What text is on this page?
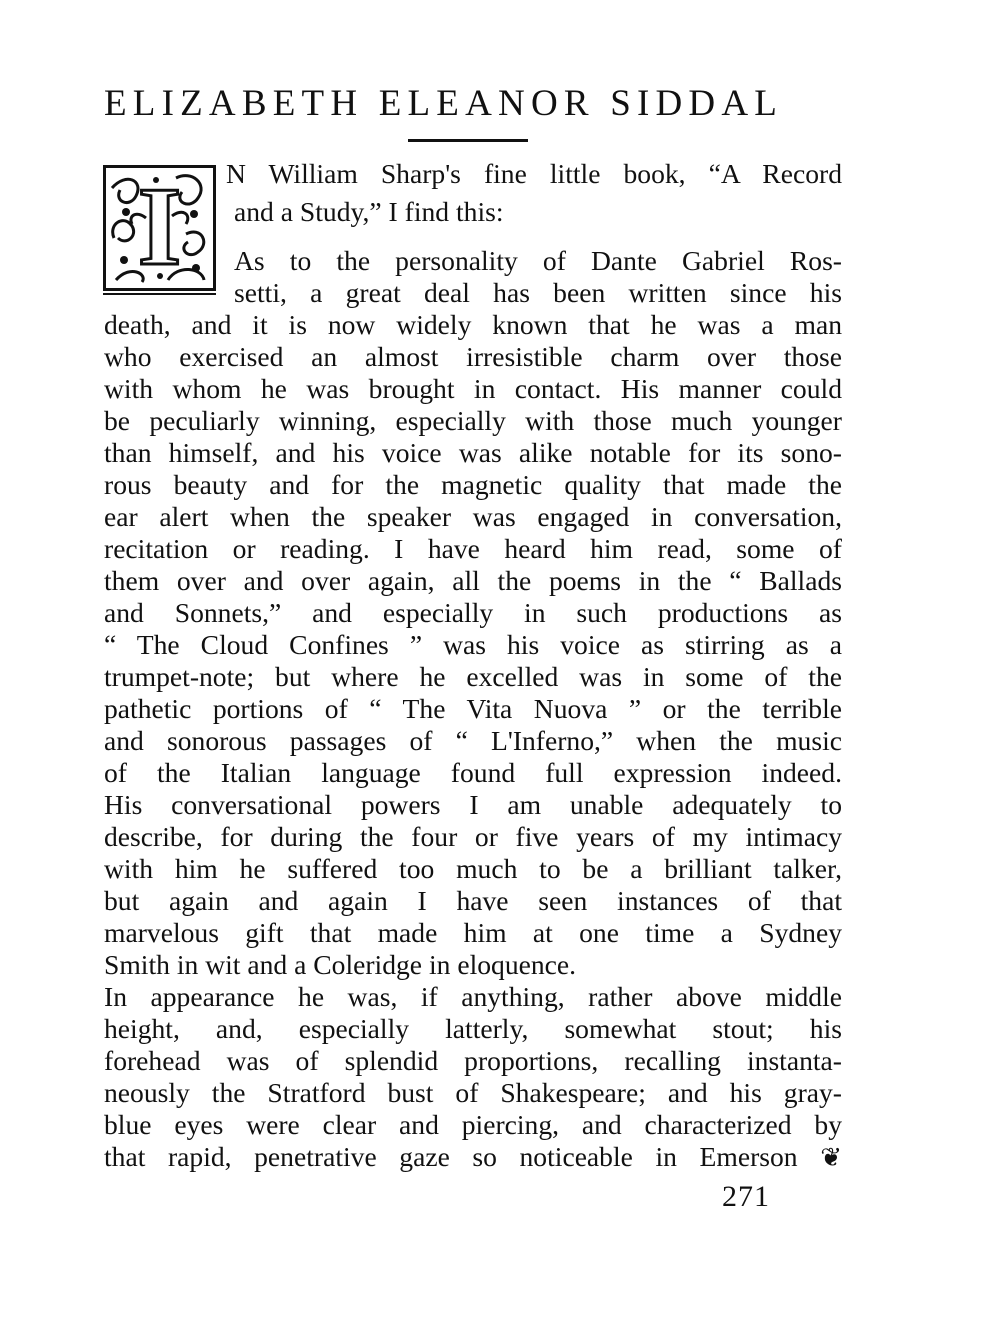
ELIZABETH ELEANOR SIDDAL
I	N William Sharp's fine little book, “A Record
and a Study,” I find this:
As to the personality of Dante Gabriel Ros-
setti, a great deal has been written since his
death, and it is now widely known that he was a man
who exercised an almost irresistible charm over those
with whom he was brought in contact. His manner could
be peculiarly winning, especially with those much younger
than himself, and his voice was alike notable for its sono-
rous beauty and for the magnetic quality that made the
ear alert when the speaker was engaged in conversation,
recitation or reading. I have heard him read, some of
them over and over again, all the poems in the “ Ballads
and Sonnets,” and especially in such productions as
“ The Cloud Confines ” was his voice as stirring as a
trumpet-note; but where he excelled was in some of the
pathetic portions of “ The Vita Nuova ” or the terrible
and sonorous passages of “ L'Inferno,” when the music
of the Italian language found full expression indeed.
His conversational powers I am unable adequately to
describe, for during the four or five years of my intimacy
with him he suffered too much to be a brilliant talker,
but again and again I have seen instances of that
marvelous gift that made him at one time a Sydney
Smith in wit and a Coleridge in eloquence.
In appearance he was, if anything, rather above middle
height, and, especially latterly, somewhat stout; his
forehead was of splendid proportions, recalling instanta-
neously the Stratford bust of Shakespeare; and his gray-
blue eyes were clear and piercing, and characterized by
that rapid, penetrative gaze so noticeable in Emerson ❦
271
